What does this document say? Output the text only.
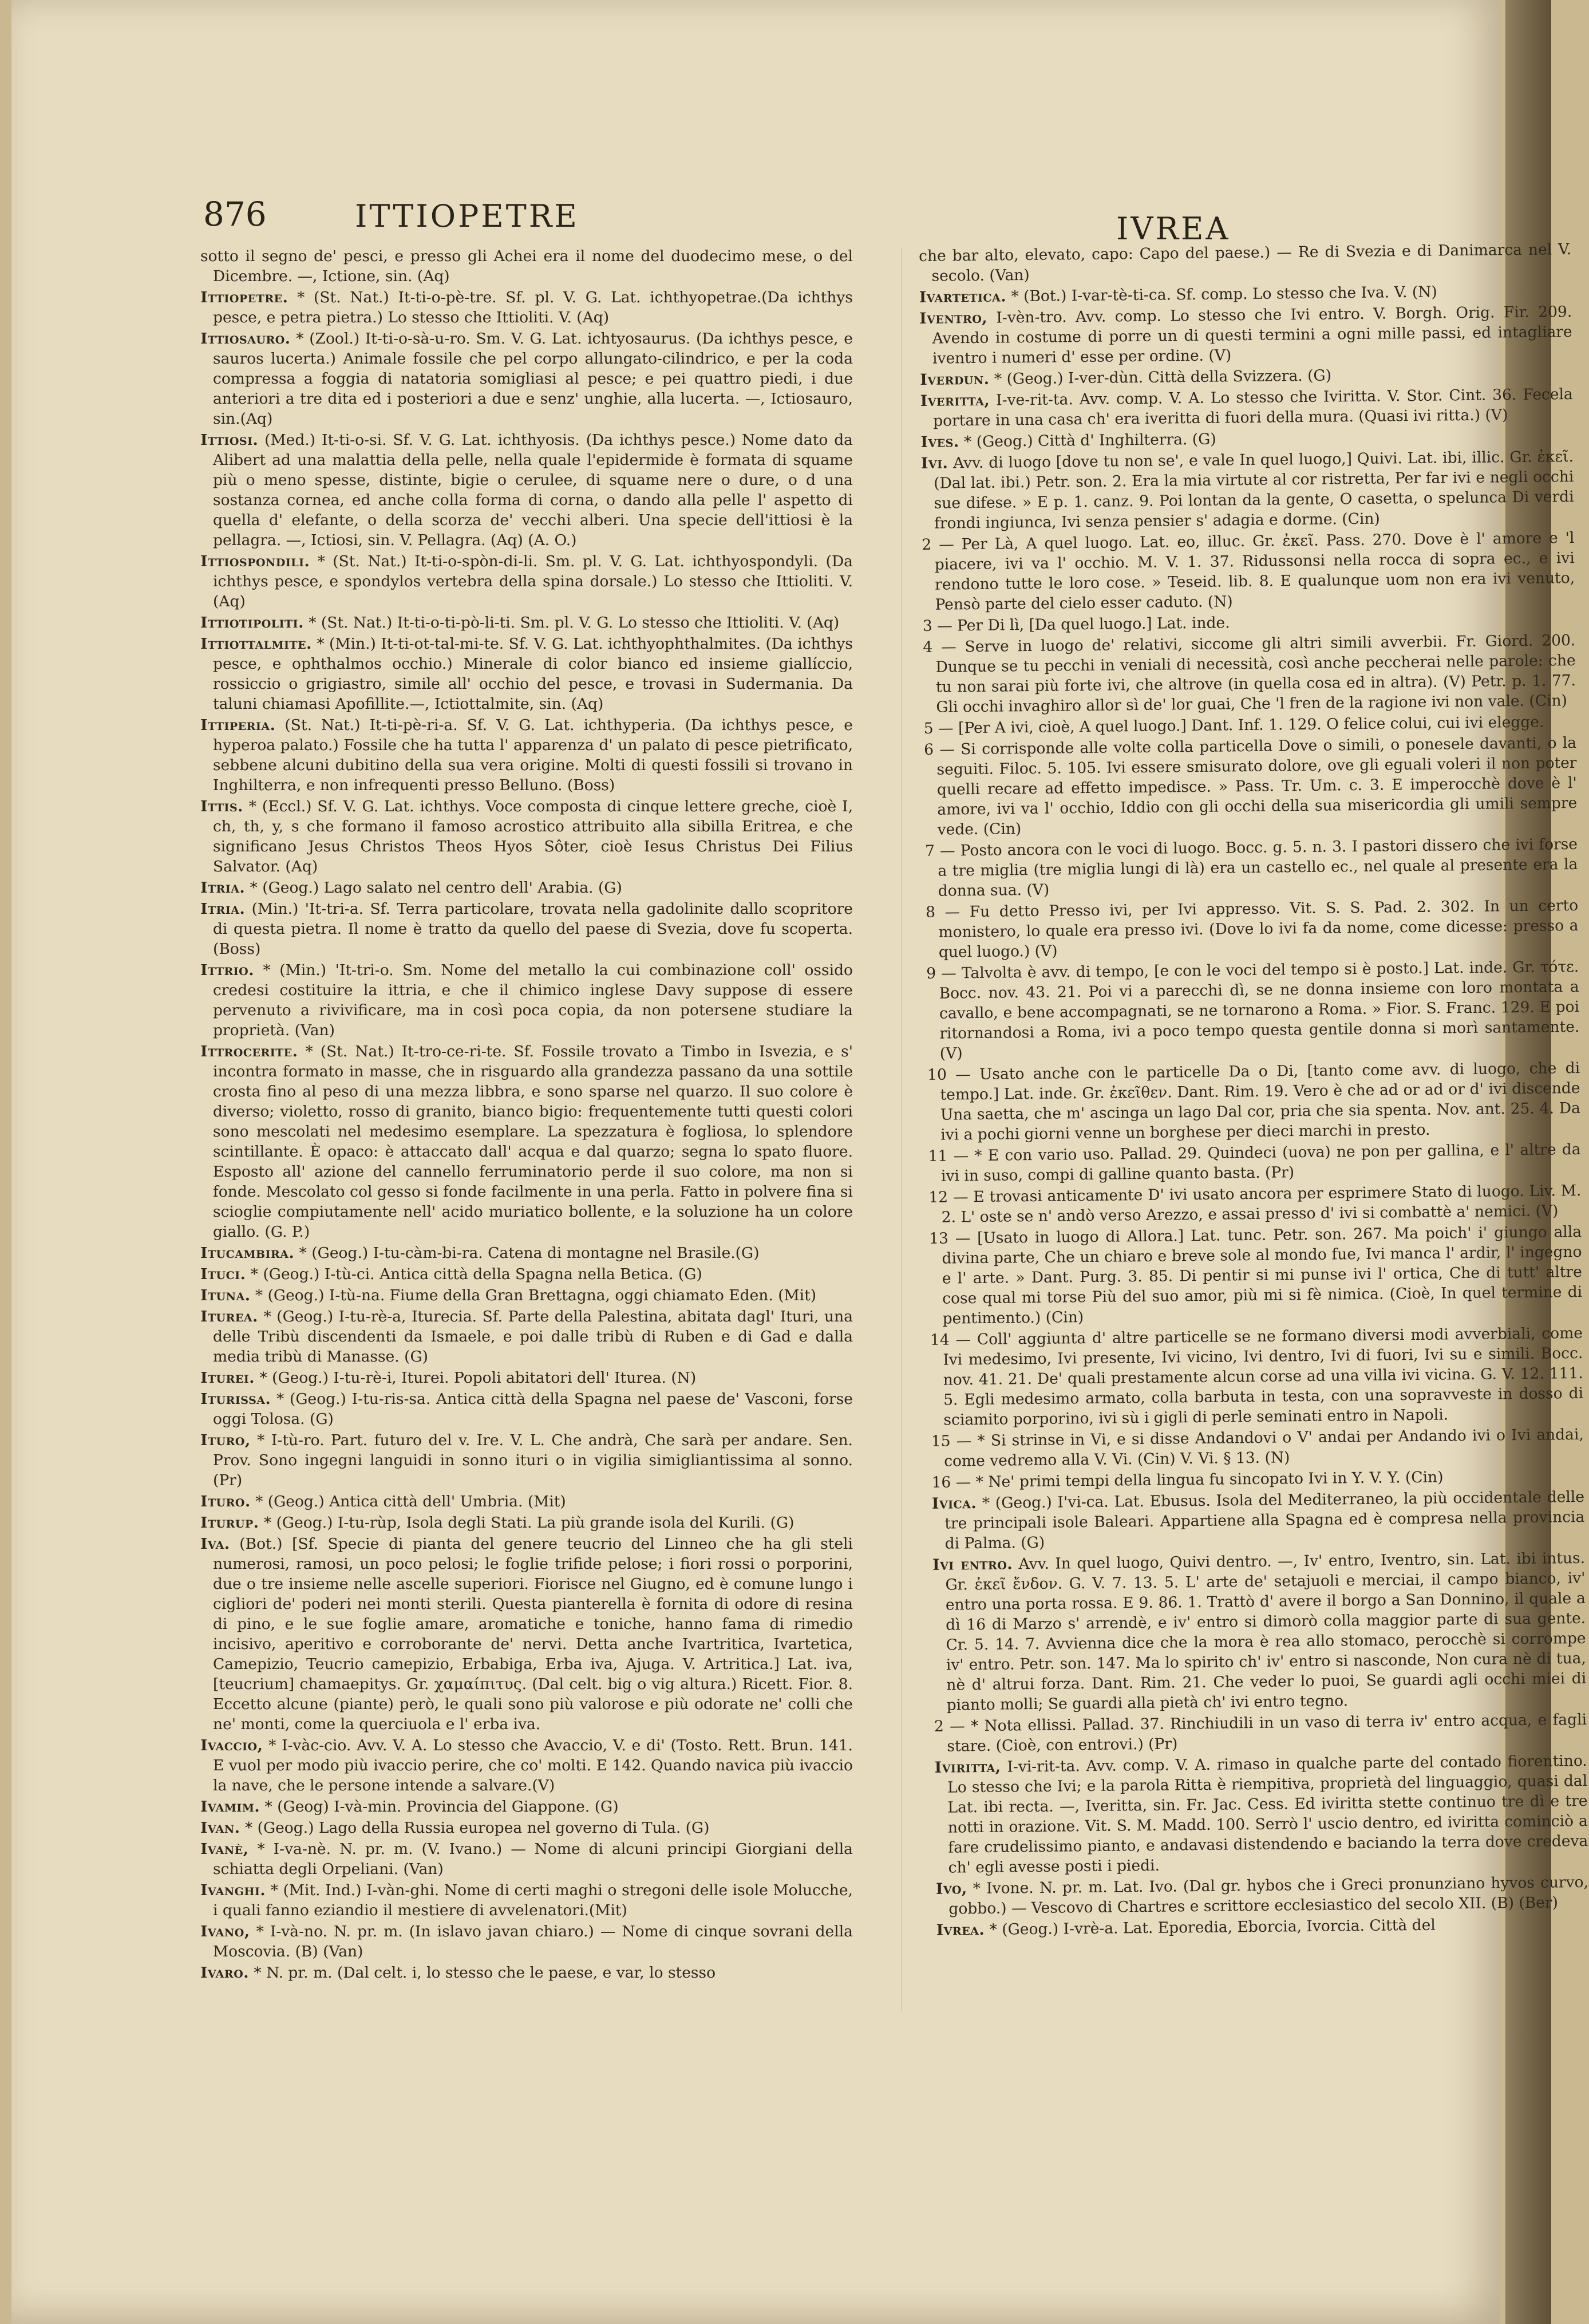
876	ITTIOPETRE	IVREA

sotto il segno de' pesci, e presso gli Achei era il nome del duodecimo mese, o del Dicembre. —, Ictione, sin. (Aq)

Ittiopetre. * (St. Nat.) It-ti-o-pè-tre. Sf. pl. V. G. Lat. ichthyopetrae.(Da ichthys pesce, e petra pietra.) Lo stesso che Ittioliti. V. (Aq)

Ittiosauro. * (Zool.) It-ti-o-sà-u-ro. Sm. V. G. Lat. ichtyosaurus. (Da ichthys pesce, e sauros lucerta.) Animale fossile che pel corpo allungato-cilindrico, e per la coda compressa a foggia di natatoria somigliasi al pesce; e pei quattro piedi, i due anteriori a tre dita ed i posteriori a due e senz' unghie, alla lucerta. —, Ictiosauro, sin.(Aq)

Ittiosi. (Med.) It-ti-o-si. Sf. V. G. Lat. ichthyosis. (Da ichthys pesce.) Nome dato da Alibert ad una malattia della pelle, nella quale l'epidermide è formata di squame più o meno spesse, distinte, bigie o cerulee, di squame nere o dure, o d una sostanza cornea, ed anche colla forma di corna, o dando alla pelle l' aspetto di quella d' elefante, o della scorza de' vecchi alberi. Una specie dell'ittiosi è la pellagra. —, Ictiosi, sin. V. Pellagra. (Aq) (A. O.)

Ittiospondili. * (St. Nat.) It-ti-o-spòn-di-li. Sm. pl. V. G. Lat. ichthyospondyli. (Da ichthys pesce, e spondylos vertebra della spina dorsale.) Lo stesso che Ittioliti. V. (Aq)

Ittiotipoliti. * (St. Nat.) It-ti-o-ti-pò-li-ti. Sm. pl. V. G. Lo stesso che Ittioliti. V. (Aq)

Ittiottalmite. * (Min.) It-ti-ot-tal-mi-te. Sf. V. G. Lat. ichthyophthalmites. (Da ichthys pesce, e ophthalmos occhio.) Minerale di color bianco ed insieme giallíccio, rossiccio o grigiastro, simile all' occhio del pesce, e trovasi in Sudermania. Da taluni chiamasi Apofillite.—, Ictiottalmite, sin. (Aq)

Ittiperia. (St. Nat.) It-ti-pè-ri-a. Sf. V. G. Lat. ichthyperia. (Da ichthys pesce, e hyperoa palato.) Fossile che ha tutta l' apparenza d' un palato di pesce pietrificato, sebbene alcuni dubitino della sua vera origine. Molti di questi fossili si trovano in Inghilterra, e non infrequenti presso Belluno. (Boss)

Ittis. * (Eccl.) Sf. V. G. Lat. ichthys. Voce composta di cinque lettere greche, cioè I, ch, th, y, s che formano il famoso acrostico attribuito alla sibilla Eritrea, e che significano Jesus Christos Theos Hyos Sôter, cioè Iesus Christus Dei Filius Salvator. (Aq)

Itria. * (Geog.) Lago salato nel centro dell' Arabia. (G)

Itria. (Min.) 'It-tri-a. Sf. Terra particolare, trovata nella gadolinite dallo scopritore di questa pietra. Il nome è tratto da quello del paese di Svezia, dove fu scoperta. (Boss)

Ittrio. * (Min.) 'It-tri-o. Sm. Nome del metallo la cui combinazione coll' ossido credesi costituire la ittria, e che il chimico inglese Davy suppose di essere pervenuto a rivivificare, ma in così poca copia, da non potersene studiare la proprietà. (Van)

Ittrocerite. * (St. Nat.) It-tro-ce-ri-te. Sf. Fossile trovato a Timbo in Isvezia, e s' incontra formato in masse, che in risguardo alla grandezza passano da una sottile crosta fino al peso di una mezza libbra, e sono sparse nel quarzo. Il suo colore è diverso; violetto, rosso di granito, bianco bigio: frequentemente tutti questi colori sono mescolati nel medesimo esemplare. La spezzatura è fogliosa, lo splendore scintillante. È opaco: è attaccato dall' acqua e dal quarzo; segna lo spato fluore. Esposto all' azione del cannello ferruminatorio perde il suo colore, ma non si fonde. Mescolato col gesso si fonde facilmente in una perla. Fatto in polvere fina si scioglie compiutamente nell' acido muriatico bollente, e la soluzione ha un colore giallo. (G. P.)

Itucambira. * (Geog.) I-tu-càm-bi-ra. Catena di montagne nel Brasile.(G)

Ituci. * (Geog.) I-tù-ci. Antica città della Spagna nella Betica. (G)

Ituna. * (Geog.) I-tù-na. Fiume della Gran Brettagna, oggi chiamato Eden. (Mit)

Iturea. * (Geog.) I-tu-rè-a, Iturecia. Sf. Parte della Palestina, abitata dagl' Ituri, una delle Tribù discendenti da Ismaele, e poi dalle tribù di Ruben e di Gad e dalla media tribù di Manasse. (G)

Iturei. * (Geog.) I-tu-rè-i, Iturei. Popoli abitatori dell' Iturea. (N)

Iturissa. * (Geog.) I-tu-ris-sa. Antica città della Spagna nel paese de' Vasconi, forse oggi Tolosa. (G)

Ituro, * I-tù-ro. Part. futuro del v. Ire. V. L. Che andrà, Che sarà per andare. Sen. Prov. Sono ingegni languidi in sonno ituri o in vigilia simigliantissima al sonno. (Pr)

Ituro. * (Geog.) Antica città dell' Umbria. (Mit)

Iturup. * (Geog.) I-tu-rùp, Isola degli Stati. La più grande isola del Kurili. (G)

Iva. (Bot.) [Sf. Specie di pianta del genere teucrio del Linneo che ha gli steli numerosi, ramosi, un poco pelosi; le foglie trifide pelose; i fiori rossi o porporini, due o tre insieme nelle ascelle superiori. Fiorisce nel Giugno, ed è comune lungo i cigliori de' poderi nei monti sterili. Questa pianterella è fornita di odore di resina di pino, e le sue foglie amare, aromatiche e toniche, hanno fama di rimedio incisivo, aperitivo e corroborante de' nervi. Detta anche Ivartritica, Ivartetica, Camepizio, Teucrio camepizio, Erbabiga, Erba iva, Ajuga. V. Artritica.] Lat. iva, [teucrium] chamaepitys. Gr. χαμαίπιτυς. (Dal celt. big o vig altura.) Ricett. Fior. 8. Eccetto alcune (piante) però, le quali sono più valorose e più odorate ne' colli che ne' monti, come la querciuola e l' erba iva.

Ivaccio, * I-vàc-cio. Avv. V. A. Lo stesso che Avaccio, V. e di' (Tosto. Rett. Brun. 141. E vuol per modo più ivaccio perire, che co' molti. E 142. Quando navica più ivaccio la nave, che le persone intende a salvare.(V)

Ivamim. * (Geog) I-và-min. Provincia del Giappone. (G)

Ivan. * (Geog.) Lago della Russia europea nel governo di Tula. (G)

Ivanè, * I-va-nè. N. pr. m. (V. Ivano.) — Nome di alcuni principi Giorgiani della schiatta degli Orpeliani. (Van)

Ivanghi. * (Mit. Ind.) I-vàn-ghi. Nome di certi maghi o stregoni delle isole Molucche, i quali fanno eziandio il mestiere di avvelenatori.(Mit)

Ivano, * I-và-no. N. pr. m. (In islavo javan chiaro.) — Nome di cinque sovrani della Moscovia. (B) (Van)

Ivaro. * N. pr. m. (Dal celt. i, lo stesso che le paese, e var, lo stesso

che bar alto, elevato, capo: Capo del paese.) — Re di Svezia e di Danimarca nel V. secolo. (Van)

Ivartetica. * (Bot.) I-var-tè-ti-ca. Sf. comp. Lo stesso che Iva. V. (N)

Iventro, I-vèn-tro. Avv. comp. Lo stesso che Ivi entro. V. Borgh. Orig. Fir. 209. Avendo in costume di porre un di questi termini a ogni mille passi, ed intagliare iventro i numeri d' esse per ordine. (V)

Iverdun. * (Geog.) I-ver-dùn. Città della Svizzera. (G)

Iveritta, I-ve-rit-ta. Avv. comp. V. A. Lo stesso che Iviritta. V. Stor. Cint. 36. Fecela portare in una casa ch' era iveritta di fuori della mura. (Quasi ivi ritta.) (V)

Ives. * (Geog.) Città d' Inghilterra. (G)

Ivi. Avv. di luogo [dove tu non se', e vale In quel luogo,] Quivi. Lat. ibi, illic. Gr. ἐκεῖ. (Dal lat. ibi.) Petr. son. 2. Era la mia virtute al cor ristretta, Per far ivi e negli occhi sue difese. » E p. 1. canz. 9. Poi lontan da la gente, O casetta, o spelunca Di verdi frondi ingiunca, Ivi senza pensier s' adagia e dorme. (Cin)

2 — Per Là, A quel luogo. Lat. eo, illuc. Gr. ἐκεῖ. Pass. 270. Dove è l' amore e 'l piacere, ivi va l' occhio. M. V. 1. 37. Ridussonsi nella rocca di sopra ec., e ivi rendono tutte le loro cose. » Teseid. lib. 8. E qualunque uom non era ivi venuto, Pensò parte del cielo esser caduto. (N)

3 — Per Di lì, [Da quel luogo.] Lat. inde.

4 — Serve in luogo de' relativi, siccome gli altri simili avverbii. Fr. Giord. 200. Dunque se tu pecchi in veniali di necessità, così anche peccherai nelle parole: che tu non sarai più forte ivi, che altrove (in quella cosa ed in altra). (V) Petr. p. 1. 77. Gli occhi invaghiro allor sì de' lor guai, Che 'l fren de la ragione ivi non vale. (Cin)

5 — [Per A ivi, cioè, A quel luogo.] Dant. Inf. 1. 129. O felice colui, cui ivi elegge.

6 — Si corrisponde alle volte colla particella Dove o simili, o ponesele davanti, o la seguiti. Filoc. 5. 105. Ivi essere smisurato dolore, ove gli eguali voleri il non poter quelli recare ad effetto impedisce. » Pass. Tr. Um. c. 3. E imperocchè dove è l' amore, ivi va l' occhio, Iddio con gli occhi della sua misericordia gli umili sempre vede. (Cin)

7 — Posto ancora con le voci di luogo. Bocc. g. 5. n. 3. I pastori dissero che ivi forse a tre miglia (tre miglia lungi di là) era un castello ec., nel quale al presente era la donna sua. (V)

8 — Fu detto Presso ivi, per Ivi appresso. Vit. S. S. Pad. 2. 302. In un certo monistero, lo quale era presso ivi. (Dove lo ivi fa da nome, come dicesse: presso a quel luogo.) (V)

9 — Talvolta è avv. di tempo, [e con le voci del tempo si è posto.] Lat. inde. Gr. τότε. Bocc. nov. 43. 21. Poi vi a parecchi dì, se ne donna insieme con loro montata a cavallo, e bene accompagnati, se ne tornarono a Roma. » Fior. S. Franc. 129. E poi ritornandosi a Roma, ivi a poco tempo questa gentile donna si morì santamente. (V)

10 — Usato anche con le particelle Da o Di, [tanto come avv. di luogo, che di tempo.] Lat. inde. Gr. ἐκεῖθεν. Dant. Rim. 19. Vero è che ad or ad or d' ivi discende Una saetta, che m' ascinga un lago Dal cor, pria che sia spenta. Nov. ant. 25. 4. Da ivi a pochi giorni venne un borghese per dieci marchi in presto.

11 — * E con vario uso. Pallad. 29. Quindeci (uova) ne pon per gallina, e l' altre da ivi in suso, compi di galline quanto basta. (Pr)

12 — E trovasi anticamente D' ivi usato ancora per esprimere Stato di luogo. Liv. M. 2. L' oste se n' andò verso Arezzo, e assai presso d' ivi si combattè a' nemici. (V)

13 — [Usato in luogo di Allora.] Lat. tunc. Petr. son. 267. Ma poich' i' giungo alla divina parte, Che un chiaro e breve sole al mondo fue, Ivi manca l' ardir, l' ingegno e l' arte. » Dant. Purg. 3. 85. Di pentir si mi punse ivi l' ortica, Che di tutt' altre cose qual mi torse Più del suo amor, più mi si fè nimica. (Cioè, In quel termine di pentimento.) (Cin)

14 — Coll' aggiunta d' altre particelle se ne formano diversi modi avverbiali, come Ivi medesimo, Ivi presente, Ivi vicino, Ivi dentro, Ivi di fuori, Ivi su e simili. Bocc. nov. 41. 21. De' quali prestamente alcun corse ad una villa ivi vicina. G. V. 12. 111. 5. Egli medesimo armato, colla barbuta in testa, con una sopravveste in dosso di sciamito porporino, ivi sù i gigli di perle seminati entro in Napoli.

15 — * Si strinse in Vi, e si disse Andandovi o V' andai per Andando ivi o Ivi andai, come vedremo alla V. Vi. (Cin) V. Vi. § 13. (N)

16 — * Ne' primi tempi della lingua fu sincopato Ivi in Y. V. Y. (Cin)

Ivica. * (Geog.) I'vi-ca. Lat. Ebusus. Isola del Mediterraneo, la più occidentale delle tre principali isole Baleari. Appartiene alla Spagna ed è compresa nella provincia di Palma. (G)

Ivi entro. Avv. In quel luogo, Quivi dentro. —, Iv' entro, Iventro, sin. Lat. ibi intus. Gr. ἐκεῖ ἔνδον. G. V. 7. 13. 5. L' arte de' setajuoli e merciai, il campo bianco, iv' entro una porta rossa. E 9. 86. 1. Trattò d' avere il borgo a San Donnino, il quale a dì 16 di Marzo s' arrendè, e iv' entro si dimorò colla maggior parte di sua gente. Cr. 5. 14. 7. Avvienna dice che la mora è rea allo stomaco, perocchè si corrompe iv' entro. Petr. son. 147. Ma lo spirito ch' iv' entro si nasconde, Non cura nè di tua, nè d' altrui forza. Dant. Rim. 21. Che veder lo puoi, Se guardi agli occhi miei di pianto molli; Se guardi alla pietà ch' ivi entro tegno.

2 — * Nota ellissi. Pallad. 37. Rinchiudili in un vaso di terra iv' entro acqua, e fagli stare. (Cioè, con entrovi.) (Pr)

Iviritta, I-vi-rit-ta. Avv. comp. V. A. rimaso in qualche parte del contado fiorentino. Lo stesso che Ivi; e la parola Ritta è riempitiva, proprietà del linguaggio, quasi dal Lat. ibi recta. —, Iveritta, sin. Fr. Jac. Cess. Ed iviritta stette continuo tre dì e tre notti in orazione. Vit. S. M. Madd. 100. Serrò l' uscio dentro, ed iviritta cominciò a fare crudelissimo pianto, e andavasi distendendo e baciando la terra dove credeva ch' egli avesse posti i piedi.

Ivo, * Ivone. N. pr. m. Lat. Ivo. (Dal gr. hybos che i Greci pronunziano hyvos curvo, gobbo.) — Vescovo di Chartres e scrittore ecclesiastico del secolo XII. (B) (Ber)

Ivrea. * (Geog.) I-vrè-a. Lat. Eporedia, Eborcia, Ivorcia. Città del
